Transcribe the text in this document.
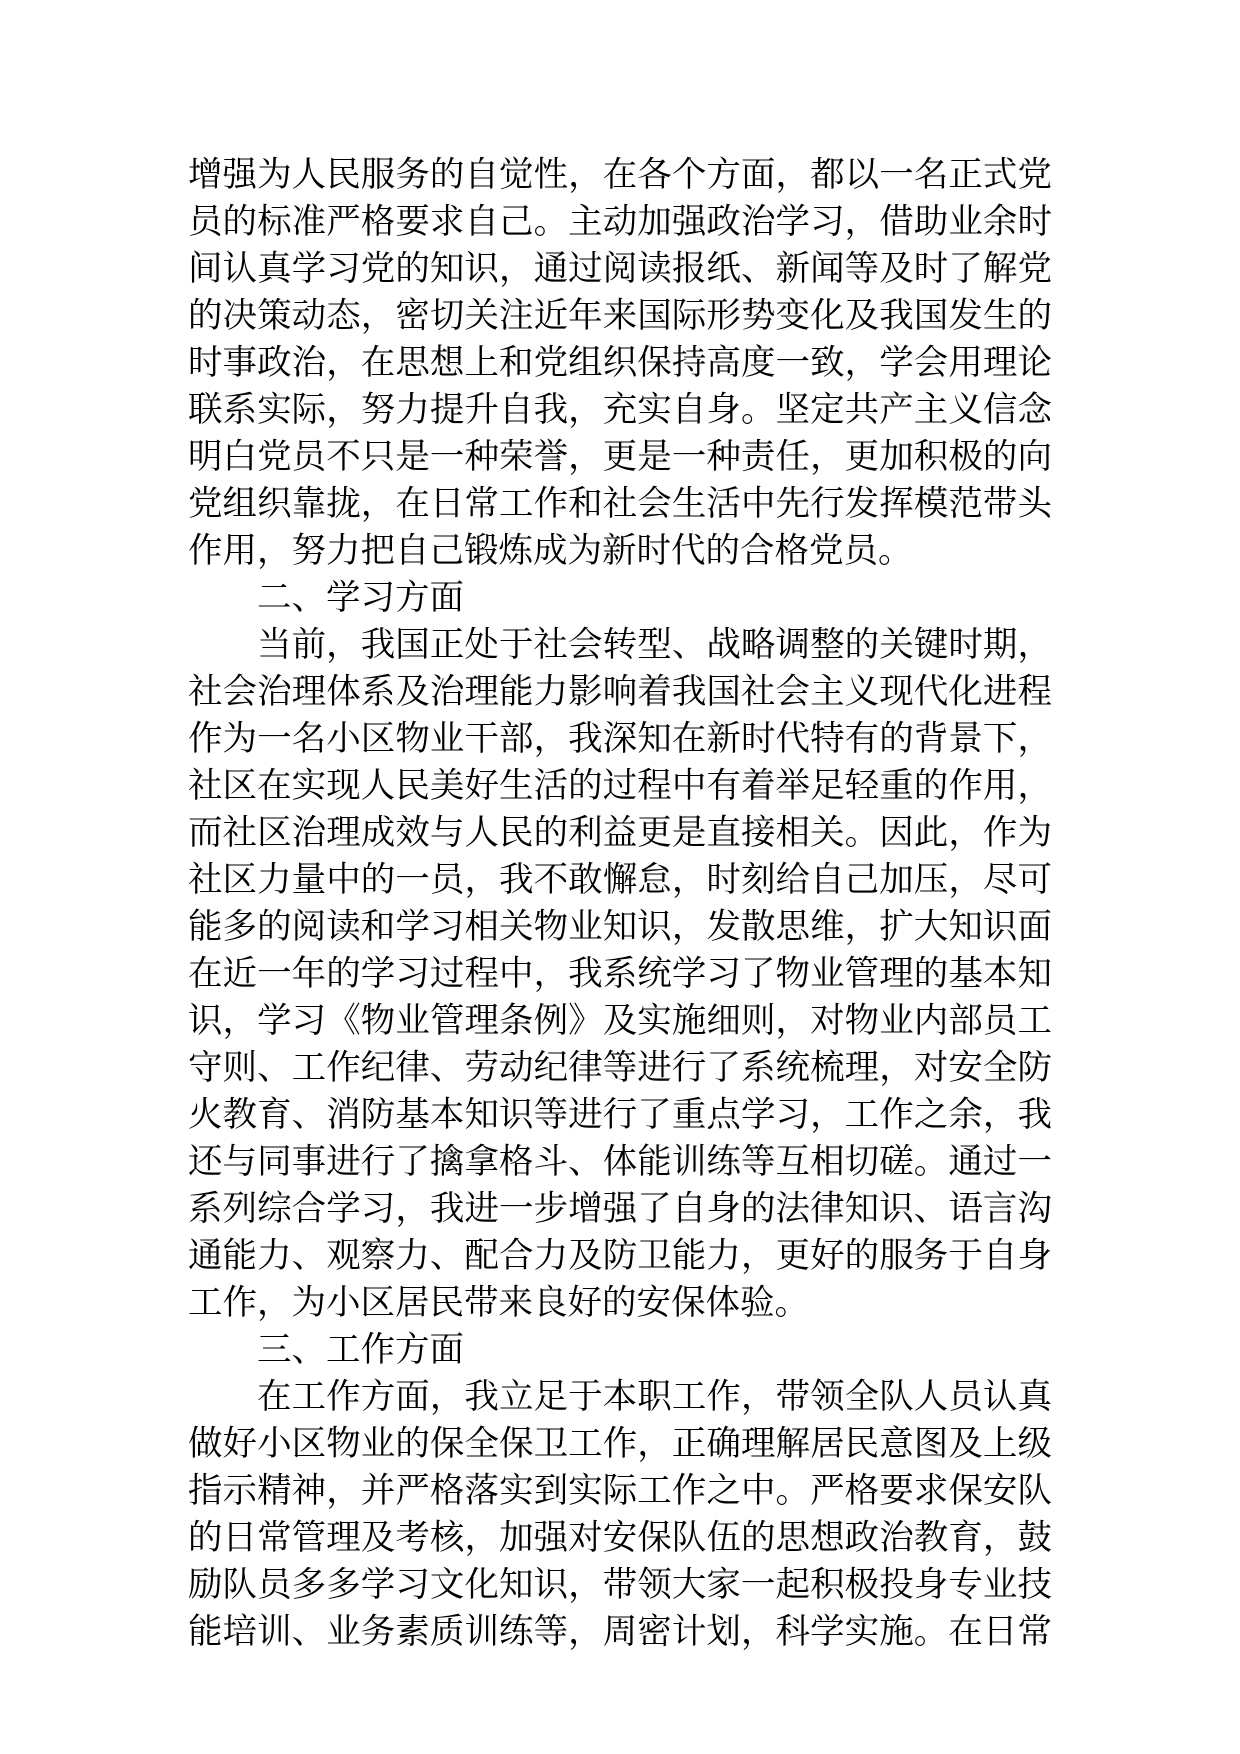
增强为人民服务的自觉性，在各个方面，都以一名正式党
员的标准严格要求自己。主动加强政治学习，借助业余时
间认真学习党的知识，通过阅读报纸、新闻等及时了解党
的决策动态，密切关注近年来国际形势变化及我国发生的
时事政治，在思想上和党组织保持高度一致，学会用理论
联系实际，努力提升自我，充实自身。坚定共产主义信念
明白党员不只是一种荣誉，更是一种责任，更加积极的向
党组织靠拢，在日常工作和社会生活中先行发挥模范带头
作用，努力把自己锻炼成为新时代的合格党员。

二、学习方面

当前，我国正处于社会转型、战略调整的关键时期，
社会治理体系及治理能力影响着我国社会主义现代化进程
作为一名小区物业干部，我深知在新时代特有的背景下，
社区在实现人民美好生活的过程中有着举足轻重的作用，
而社区治理成效与人民的利益更是直接相关。因此，作为
社区力量中的一员，我不敢懈怠，时刻给自己加压，尽可
能多的阅读和学习相关物业知识，发散思维，扩大知识面
在近一年的学习过程中，我系统学习了物业管理的基本知
识，学习《物业管理条例》及实施细则，对物业内部员工
守则、工作纪律、劳动纪律等进行了系统梳理，对安全防
火教育、消防基本知识等进行了重点学习，工作之余，我
还与同事进行了擒拿格斗、体能训练等互相切磋。通过一
系列综合学习，我进一步增强了自身的法律知识、语言沟
通能力、观察力、配合力及防卫能力，更好的服务于自身
工作，为小区居民带来良好的安保体验。

三、工作方面

在工作方面，我立足于本职工作，带领全队人员认真
做好小区物业的保全保卫工作，正确理解居民意图及上级
指示精神，并严格落实到实际工作之中。严格要求保安队
的日常管理及考核，加强对安保队伍的思想政治教育，鼓
励队员多多学习文化知识，带领大家一起积极投身专业技
能培训、业务素质训练等，周密计划，科学实施。在日常
